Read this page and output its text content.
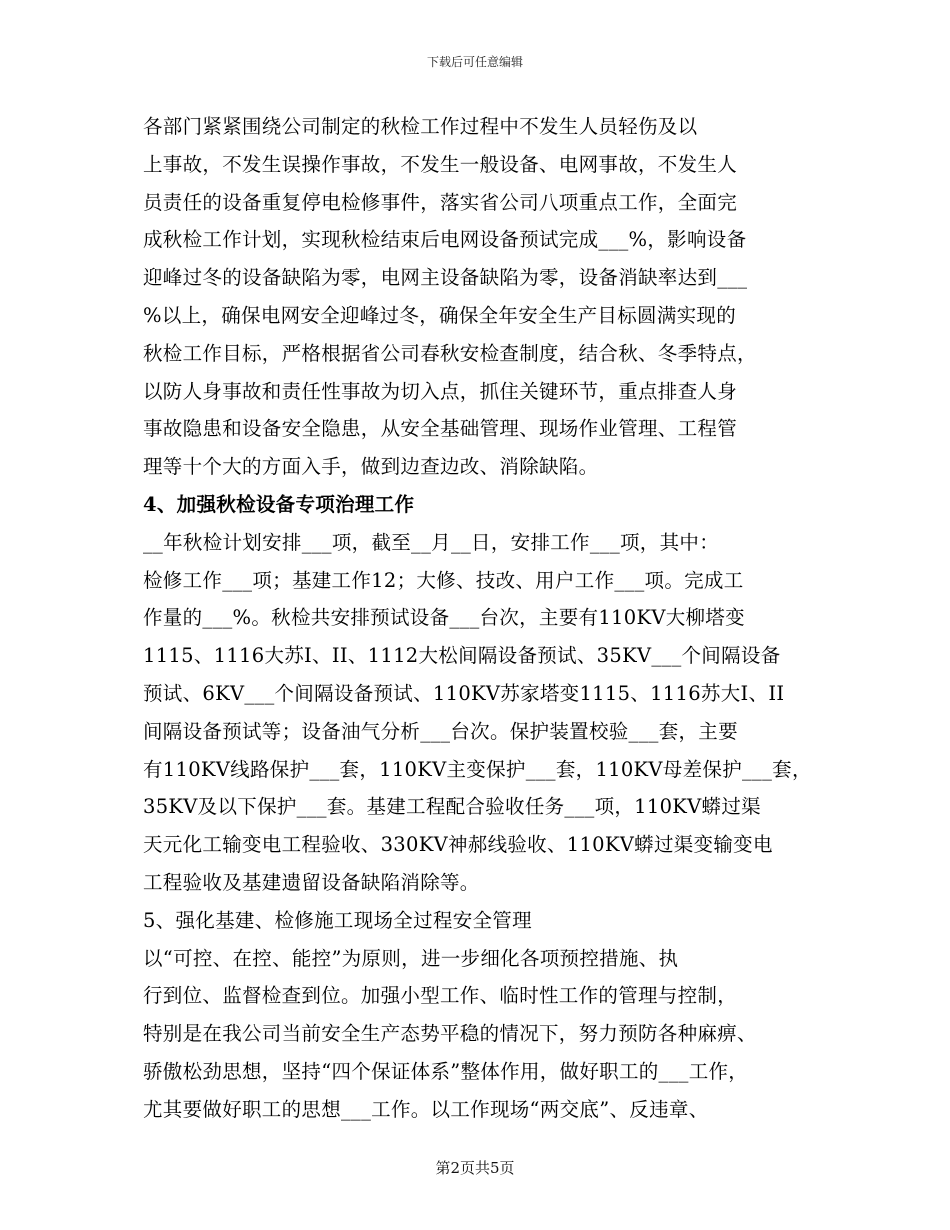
下载后可任意编辑
各部门紧紧围绕公司制定的秋检工作过程中不发生人员轻伤及以
上事故，不发生误操作事故，不发生一般设备、电网事故，不发生人
员责任的设备重复停电检修事件，落实省公司八项重点工作，全面完
成秋检工作计划，实现秋检结束后电网设备预试完成___%，影响设备
迎峰过冬的设备缺陷为零，电网主设备缺陷为零，设备消缺率达到___
%以上，确保电网安全迎峰过冬，确保全年安全生产目标圆满实现的
秋检工作目标，严格根据省公司春秋安检查制度，结合秋、冬季特点，
以防人身事故和责任性事故为切入点，抓住关键环节，重点排查人身
事故隐患和设备安全隐患，从安全基础管理、现场作业管理、工程管
理等十个大的方面入手，做到边查边改、消除缺陷。
4、加强秋检设备专项治理工作
__年秋检计划安排___项，截至__月__日，安排工作___项，其中：
检修工作___项；基建工作12；大修、技改、用户工作___项。完成工
作量的___%。秋检共安排预试设备___台次，主要有110KV大柳塔变
1115、1116大苏I、II、1112大松间隔设备预试、35KV___个间隔设备
预试、6KV___个间隔设备预试、110KV苏家塔变1115、1116苏大I、II
间隔设备预试等；设备油气分析___台次。保护装置校验___套，主要
有110KV线路保护___套，110KV主变保护___套，110KV母差保护___套，
35KV及以下保护___套。基建工程配合验收任务___项，110KV蟒过渠
天元化工输变电工程验收、330KV神郝线验收、110KV蟒过渠变输变电
工程验收及基建遗留设备缺陷消除等。
5、强化基建、检修施工现场全过程安全管理
以“可控、在控、能控”为原则，进一步细化各项预控措施、执
行到位、监督检查到位。加强小型工作、临时性工作的管理与控制，
特别是在我公司当前安全生产态势平稳的情况下，努力预防各种麻痹、
骄傲松劲思想，坚持“四个保证体系”整体作用，做好职工的___工作，
尤其要做好职工的思想___工作。以工作现场“两交底”、反违章、
第2页共5页
